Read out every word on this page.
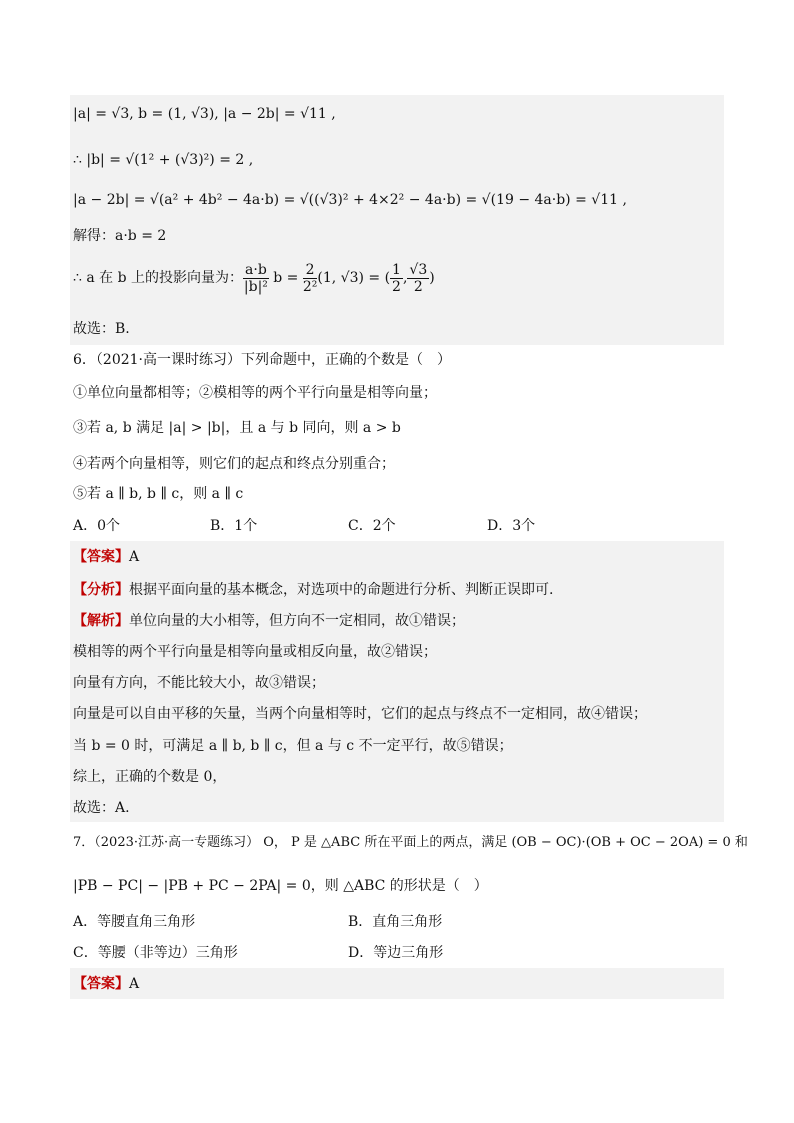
|a| = √3, b = (1, √3), |a − 2b| = √11 ,
∴ |b| = √(1² + (√3)²) = 2 ,
|a − 2b| = √(a² + 4b² − 4a·b) = √((√3)² + 4×2² − 4a·b) = √(19 − 4a·b) = √11 ,
解得：a·b = 2
∴ a 在 b 上的投影向量为： $\frac{a\cdot b}{\text{|b|²}}$ $b = \frac{2}{\text{2²}} (1$, √3) = ( $\frac{1}{2}$ , $\frac{√3}{2}$ )
故选：B.
6．（2021·高一课时练习）下列命题中，正确的个数是（　）
①单位向量都相等；②模相等的两个平行向量是相等向量；
③若 a, b 满足 |a| > |b|，且 a 与 b 同向，则 a > b
④若两个向量相等，则它们的起点和终点分别重合；
⑤若 a ∥ b, b ∥ c，则 a ∥ c
A．0个	B．1个	C．2个	D．3个
【答案】A
【分析】根据平面向量的基本概念，对选项中的命题进行分析、判断正误即可.
【解析】单位向量的大小相等，但方向不一定相同，故①错误；
模相等的两个平行向量是相等向量或相反向量，故②错误；
向量有方向，不能比较大小，故③错误；
向量是可以自由平移的矢量，当两个向量相等时，它们的起点与终点不一定相同，故④错误；
当 b = 0 时，可满足 a ∥ b, b ∥ c，但 a 与 c 不一定平行，故⑤错误；
综上，正确的个数是 0，
故选：A.
7．（2023·江苏·高一专题练习） O， P 是 △ABC 所在平面上的两点，满足 (OB − OC)·(OB + OC − 2OA) = 0 和
|PB − PC| − |PB + PC − 2PA| = 0，则 △ABC 的形状是（　）
A．等腰直角三角形	B．直角三角形
C．等腰（非等边）三角形	D．等边三角形
【答案】A
